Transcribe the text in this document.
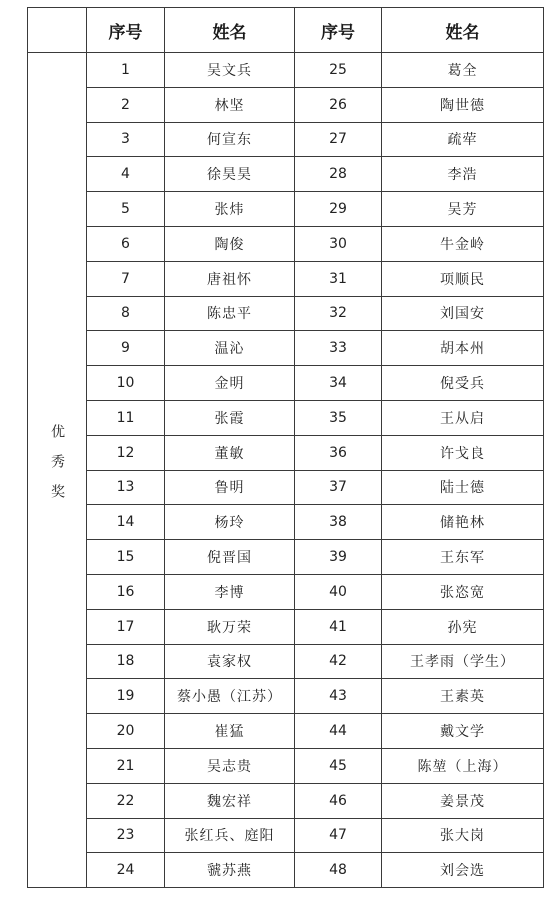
	序号	姓名	序号	姓名
优秀奖	1	吴文兵	25	葛全
	2	林坚	26	陶世德
	3	何宣东	27	疏荦
	4	徐昊昊	28	李浩
	5	张炜	29	吴芳
	6	陶俊	30	牛金岭
	7	唐祖怀	31	项顺民
	8	陈忠平	32	刘国安
	9	温沁	33	胡本州
	10	金明	34	倪受兵
	11	张霞	35	王从启
	12	董敏	36	许戈良
	13	鲁明	37	陆士德
	14	杨玲	38	储艳林
	15	倪晋国	39	王东军
	16	李博	40	张恣宽
	17	耿万荣	41	孙宪
	18	袁家权	42	王孝雨（学生）
	19	蔡小愚（江苏）	43	王素英
	20	崔猛	44	戴文学
	21	吴志贵	45	陈堃（上海）
	22	魏宏祥	46	姜景茂
	23	张红兵、庭阳	47	张大岗
	24	虢苏燕	48	刘会选
